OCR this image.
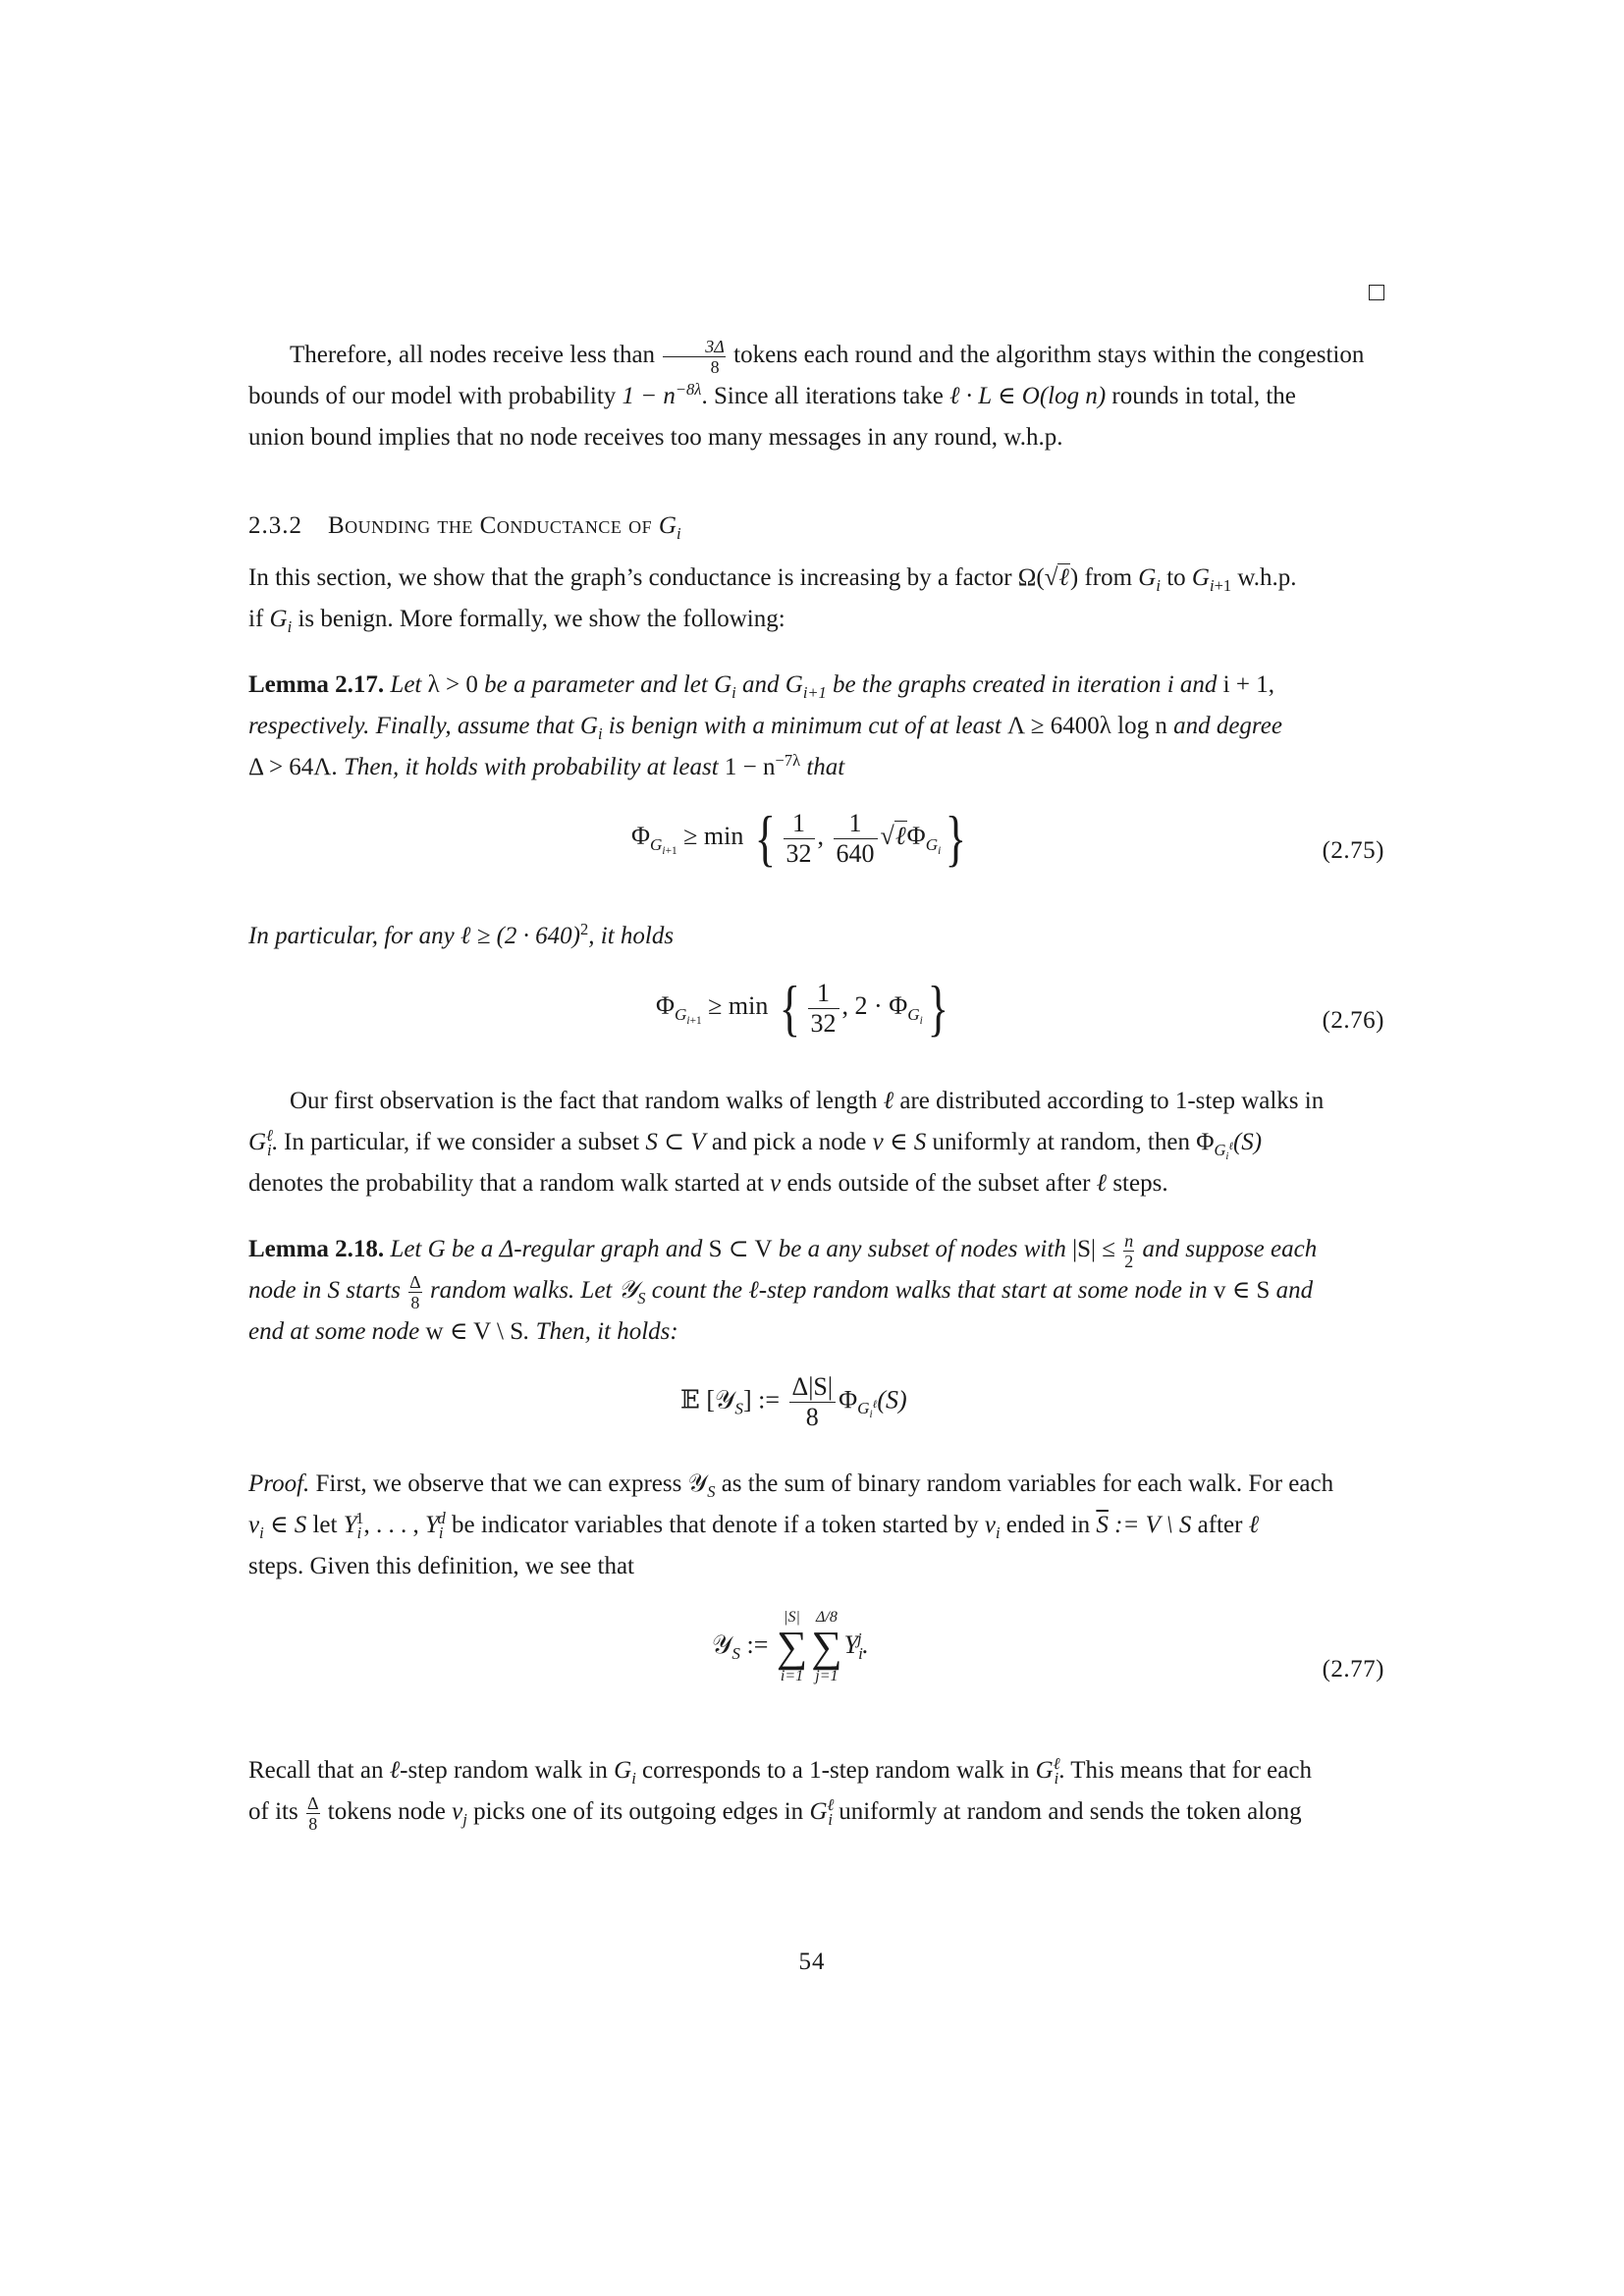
Therefore, all nodes receive less than $\frac{3\Delta}{8}$ tokens each round and the algorithm stays within the congestion
bounds of our model with probability $1 - n^{-8\lambda}$. Since all iterations take ℓ · L ∈ O(log n) rounds in total, the
union bound implies that no node receives too many messages in any round, w.h.p.
2.3.2 Bounding the Conductance of $G_i$
In this section, we show that the graph’s conductance is increasing by a factor Ω(√ℓ) from $G_i$ to $G_{i+1}$ w.h.p.
if $G_i$ is benign. More formally, we show the following:
Lemma 2.17. Let λ > 0 be a parameter and let $G_i$ and $G_{i+1}$ be the graphs created in iteration i and i + 1,
respectively. Finally, assume that $G_i$ is benign with a minimum cut of at least Λ ≥ 6400λ log n and degree
Δ > 64Λ. Then, it holds with probability at least $1 - n^{-7\lambda}$ that
$\Phi_{G_{i+1}} \ge \min$ { $\frac{1}{32}$ , $\frac{1}{640}$ √ℓΦ$_{G_i}$}	(2.75)
In particular, for any ℓ ≥ $(2 \cdot 640)^2$, it holds
$\Phi_{G_{i+1}} \ge \min$ { $\frac{1}{32}$ , $2 \cdot \Phi_{G_i}$}	(2.76)
Our first observation is the fact that random walks of length ℓ are distributed according to 1-step walks in
$G^\ell_i$. In particular, if we consider a subset S ⊂ V and pick a node v ∈ S uniformly at random, then $\Phi_{G_i^\ell}(S)$
denotes the probability that a random walk started at v ends outside of the subset after ℓ steps.
Lemma 2.18. Let G be a Δ-regular graph and S ⊂ V be a any subset of nodes with $|S| \le \frac{n}{2}$ and suppose each
node in S starts $\frac{\Delta}{8}$ random walks. Let 𝒴$_S$ count the ℓ-step random walks that start at some node in v ∈ S and
end at some node w ∈ V \ S. Then, it holds:
𝔼 [𝒴$_S$] := $\frac{\Delta|S|}{8} \Phi_{G_i^\ell}(S)$
Proof. First, we observe that we can express 𝒴$_S$ as the sum of binary random variables for each walk. For each
$v_i$ ∈ S let $Y_i^1$, . . . , $Y_i^d$ be indicator variables that denote if a token started by $v_i$ ended in $\overline{S}$ := V \ S after ℓ
steps. Given this definition, we see that
𝒴$_S$ :=
|S|
∑
i=1
Δ/8
∑
j=1
$Y_i^j$.
(2.77)
Recall that an ℓ-step random walk in $G_i$ corresponds to a 1-step random walk in $G^\ell_i$. This means that for each
of its $\frac{\Delta}{8}$ tokens node $v_j$ picks one of its outgoing edges in $G^\ell_i$ uniformly at random and sends the token along
54
